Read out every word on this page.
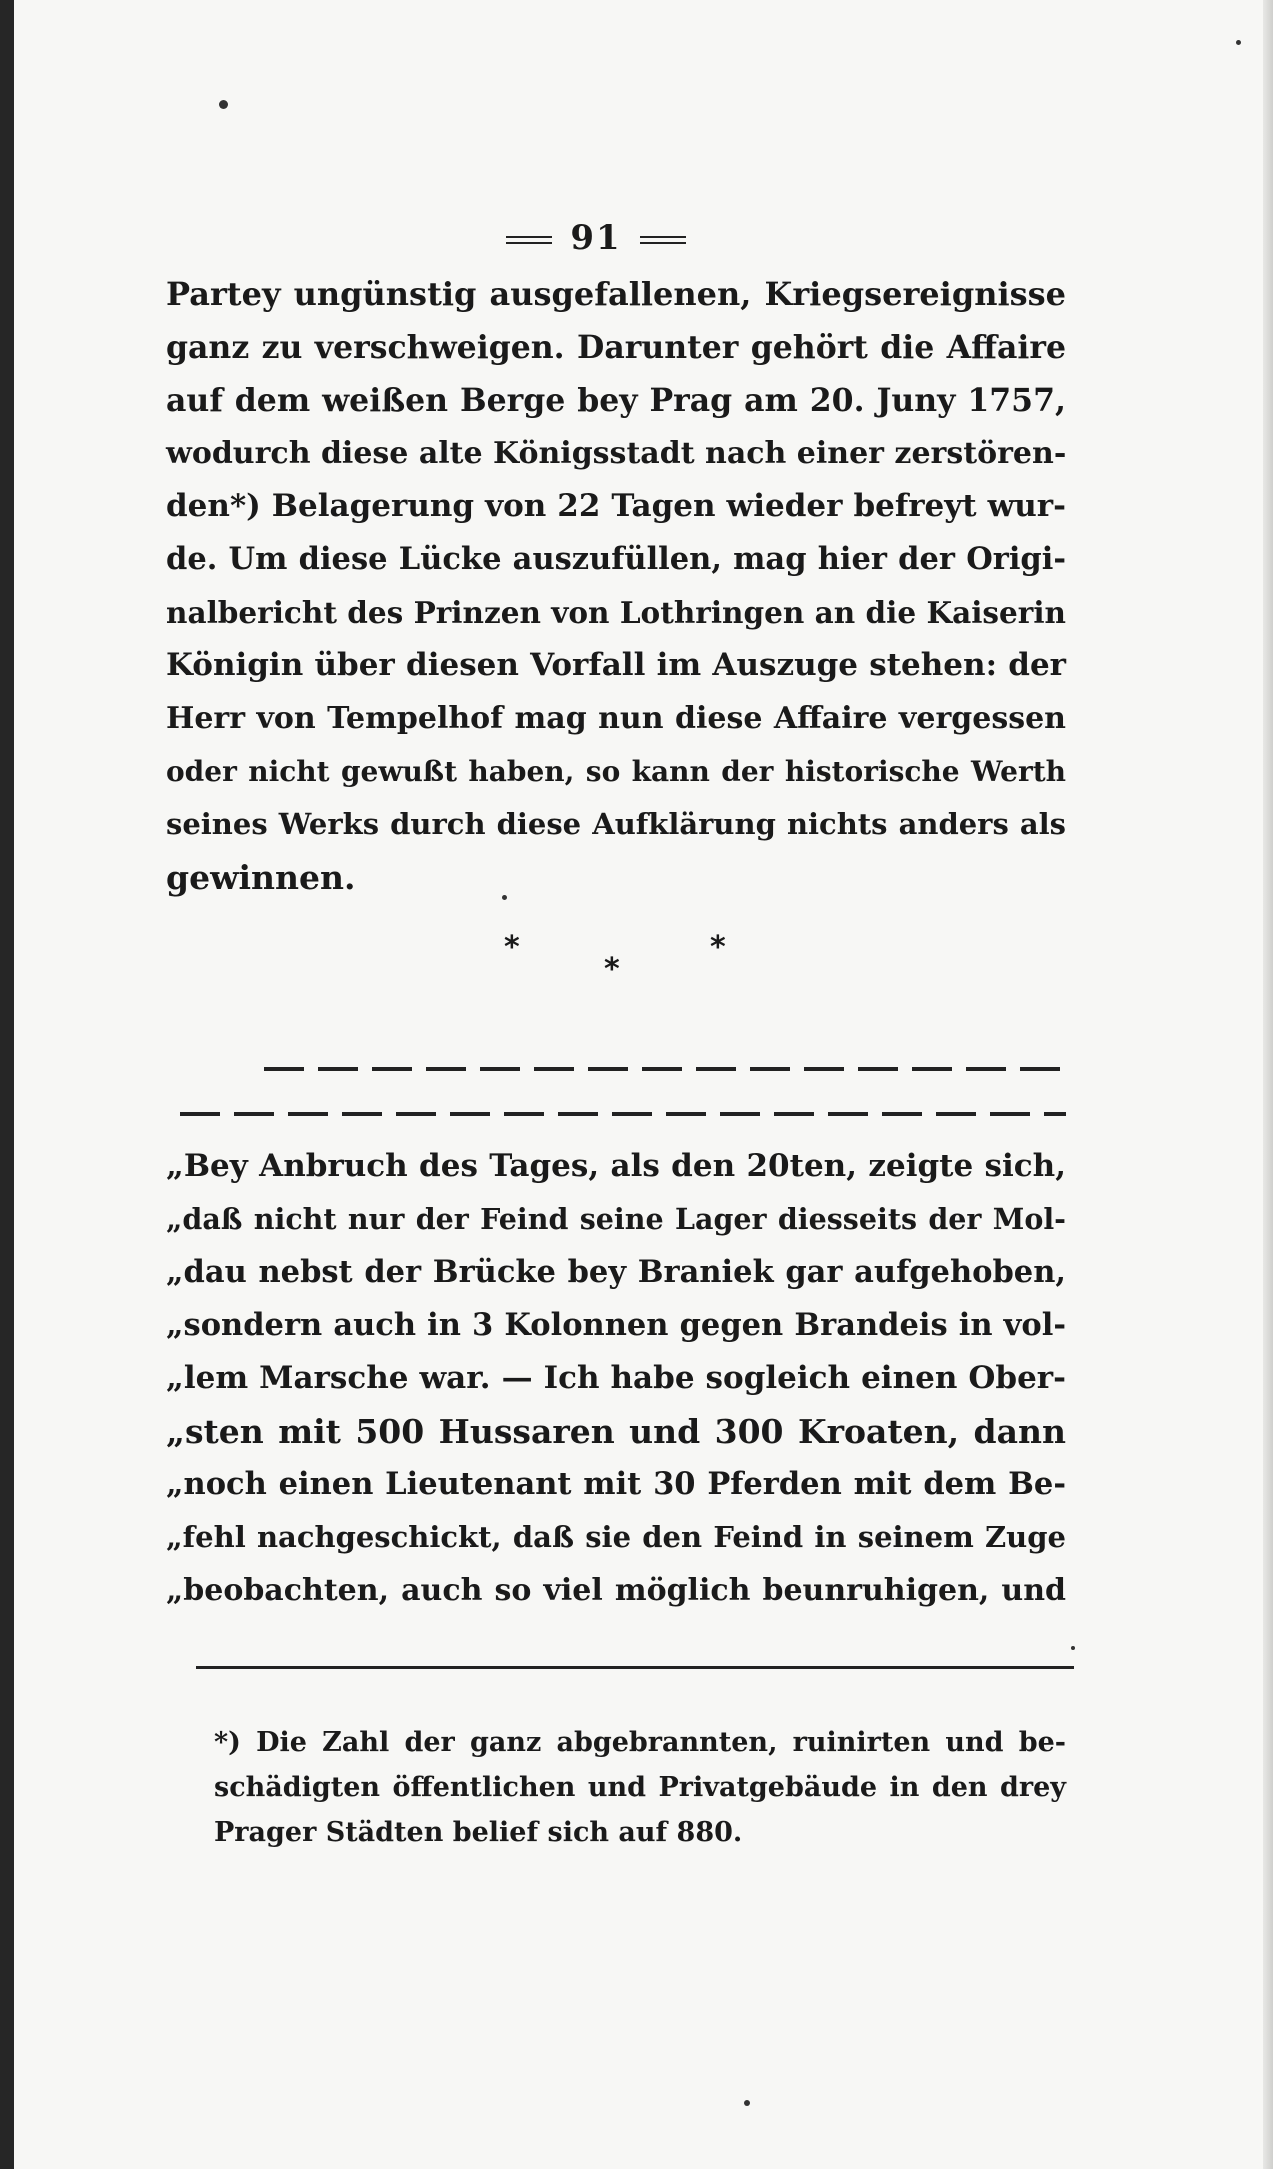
91
Partey ungünstig ausgefallenen, Kriegsereignisse
ganz zu verschweigen. Darunter gehört die Affaire
auf dem weißen Berge bey Prag am 20. Juny 1757,
wodurch diese alte Königsstadt nach einer zerstören-
den*) Belagerung von 22 Tagen wieder befreyt wur-
de. Um diese Lücke auszufüllen, mag hier der Origi-
nalbericht des Prinzen von Lothringen an die Kaiserin
Königin über diesen Vorfall im Auszuge stehen: der
Herr von Tempelhof mag nun diese Affaire vergessen
oder nicht gewußt haben, so kann der historische Werth
seines Werks durch diese Aufklärung nichts anders als
gewinnen.
*
*
*
„Bey Anbruch des Tages, als den 20ten, zeigte sich,
„daß nicht nur der Feind seine Lager diesseits der Mol-
„dau nebst der Brücke bey Braniek gar aufgehoben,
„sondern auch in 3 Kolonnen gegen Brandeis in vol-
„lem Marsche war. — Ich habe sogleich einen Ober-
„sten mit 500 Hussaren und 300 Kroaten, dann
„noch einen Lieutenant mit 30 Pferden mit dem Be-
„fehl nachgeschickt, daß sie den Feind in seinem Zuge
„beobachten, auch so viel möglich beunruhigen, und
*) Die Zahl der ganz abgebrannten, ruinirten und be-
schädigten öffentlichen und Privatgebäude in den drey
Prager Städten belief sich auf 880.
